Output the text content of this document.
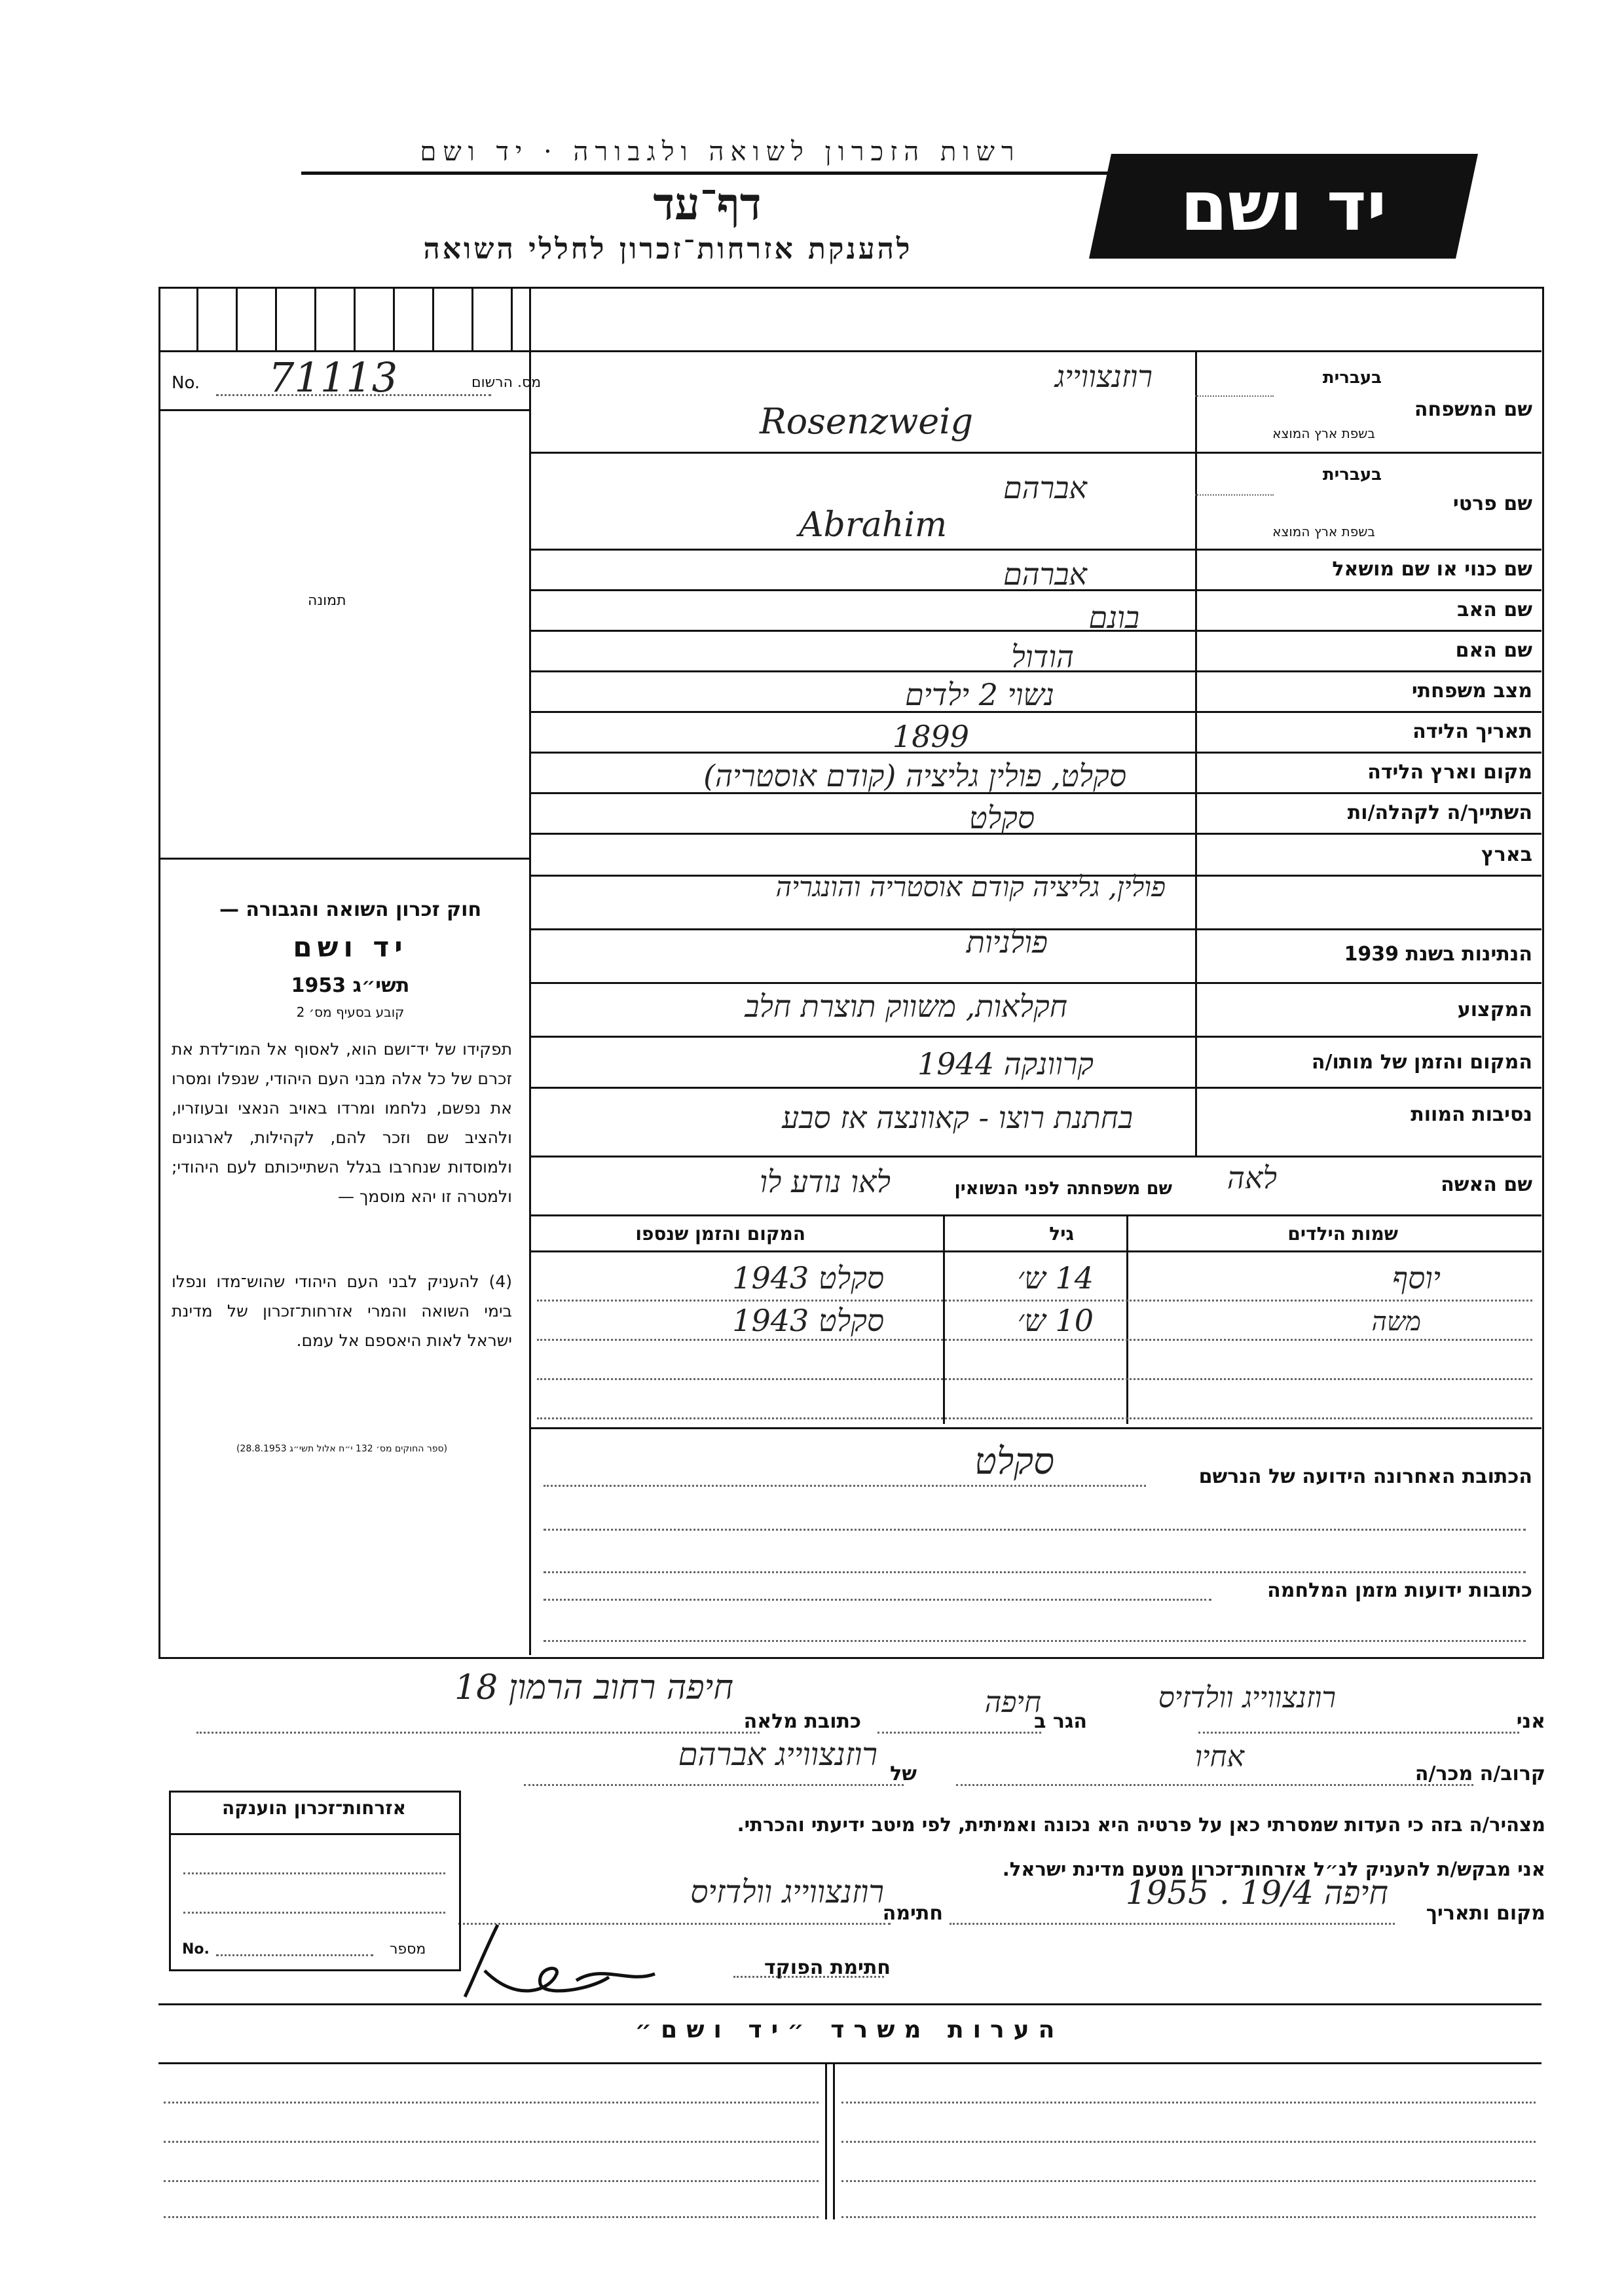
רשות הזכרון לשואה ולגבורה · יד ושם
יד ושם
דף־עד
להענקת אזרחות־זכרון לחללי השואה
No. 71113	מס. הרשום
תמונה
חוק זכרון השואה והגבורה —
יד ושם
תשי״ג 1953
קובע בסעיף מס׳ 2
תפקידו של יד־ושם הוא, לאסוף אל המו־לדת את זכרם של כל אלה מבני העם היהודי, שנפלו ומסרו את נפשם, נלחמו ומרדו באויב הנאצי ובעוזריו, ולהציב שם וזכר להם, לקהילות, לארגונים ולמוסדות שנחרבו בגלל השתייכותם לעם היהודי; ולמטרה זו יהא מוסמך —
(4) להעניק לבני העם היהודי שהוש־מדו ונפלו בימי השואה והמרי אזרחות־זכרון של מדינת ישראל לאות היאספם אל עמם.
(ספר החוקים מס׳ 132 י״ח אלול תשי״ג 28.8.1953)
שם המשפחה
בעברית
בשפת ארץ המוצא
שם פרטי
בעברית
בשפת ארץ המוצא
שם כנוי או שם מושאל
שם האב
שם האם
מצב משפחתי
תאריך הלידה
מקום וארץ הלידה
השתייך/ה לקהלה/ות
בארץ
הנתינות בשנת 1939
המקצוע
המקום והזמן של מותו/ה
נסיבות המוות
שם האשה
שם משפחתה לפני הנשואין
רוזנצווייג
Rosenzweig
אברהם
Abrahim
אברהם
בונם
הודול
נשוי 2 ילדים
1899
סקלט, פולין גליציה (קודם אוסטריה)
סקלט
פולין, גליציה קודם אוסטריה והונגריה
פולניות
חקלאות, משווק תוצרת חלב
קרוונקה 1944
בחתנת רוצו - קאוונצה אז סבע
לאה
לאו נודע לו
שמות הילדים
גיל
המקום והזמן שנספו
יוסף
14 ש׳
סקלט 1943
משה
10 ש׳
סקלט 1943
הכתובת האחרונה הידועה של הנרשם
סקלט
כתובות ידועות מזמן המלחמה
אני
רוזנצווייג וולדזיס
הגר ב
חיפה
כתובת מלאה
חיפה רחוב הרמון 18
קרוב/ה מכר/ה
אחיו
של
רוזנצווייג אברהם
מצהיר/ה בזה כי העדות שמסרתי כאן על פרטיה היא נכונה ואמיתית, לפי מיטב ידיעתי והכרתי.
אני מבקש/ת להעניק לנ״ל אזרחות־זכרון מטעם מדינת ישראל.
מקום ותאריך
חיפה 19/4 . 1955
חתימה
רוזנצווייג וולדזיס
חתימת הפוקד
אזרחות־זכרון הוענקה
No.	מספר
הערות משרד ״יד ושם״
